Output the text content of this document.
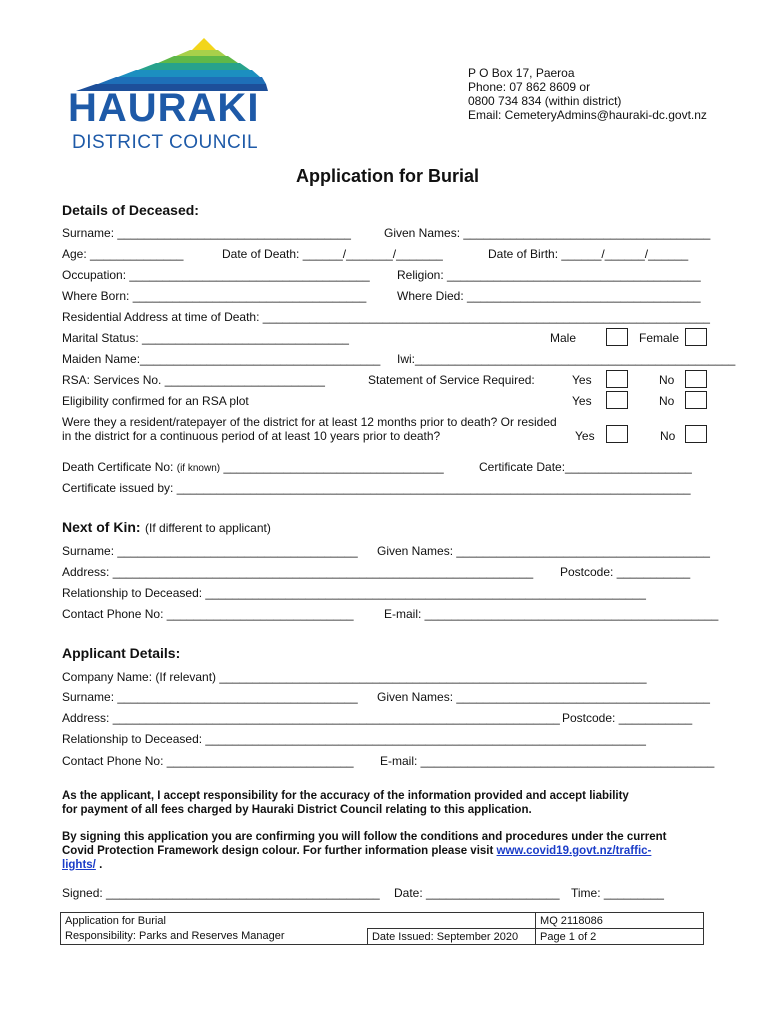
HAURAKI
DISTRICT COUNCIL
P O Box 17, Paeroa
Phone: 07 862 8609 or
0800 734 834 (within district)
Email: CemeteryAdmins@hauraki-dc.govt.nz
Application for Burial
Details of Deceased:
Surname: ___________________________________	Given Names: _____________________________________
Age: ______________	Date of Death: ______/_______/_______	Date of Birth: ______/______/______
Occupation: ____________________________________ Religion: ______________________________________
Where Born: ___________________________________	Where Died: ___________________________________
Residential Address at time of Death: ___________________________________________________________________
Marital Status: _______________________________	Male	Female
Maiden Name:____________________________________ Iwi:________________________________________________
RSA: Services No. ________________________	Statement of Service Required:	Yes	No
Eligibility confirmed for an RSA plot	Yes	No
Were they a resident/ratepayer of the district for at least 12 months prior to death? Or resided
in the district for a continuous period of at least 10 years prior to death?	Yes	No
Death Certificate No: (if known) _________________________________	Certificate Date:___________________
Certificate issued by: _____________________________________________________________________________
Next of Kin: (If different to applicant)
Surname: ____________________________________ Given Names: ______________________________________
Address: _______________________________________________________________ Postcode: ___________
Relationship to Deceased: __________________________________________________________________
Contact Phone No: ____________________________	E-mail: ____________________________________________
Applicant Details:
Company Name: (If relevant) ________________________________________________________________
Surname: ____________________________________ Given Names: ______________________________________
Address: ___________________________________________________________________ Postcode: ___________
Relationship to Deceased: __________________________________________________________________
Contact Phone No: ____________________________ E-mail: ____________________________________________
As the applicant, I accept responsibility for the accuracy of the information provided and accept liability
for payment of all fees charged by Hauraki District Council relating to this application.
By signing this application you are confirming you will follow the conditions and procedures under the current
Covid Protection Framework design colour. For further information please visit www.covid19.govt.nz/traffic-
lights/ .
Signed: _________________________________________ Date: ____________________ Time: _________
Application for Burial		MQ 2118086
Responsibility: Parks and Reserves Manager	Date Issued: September 2020	Page 1 of 2
